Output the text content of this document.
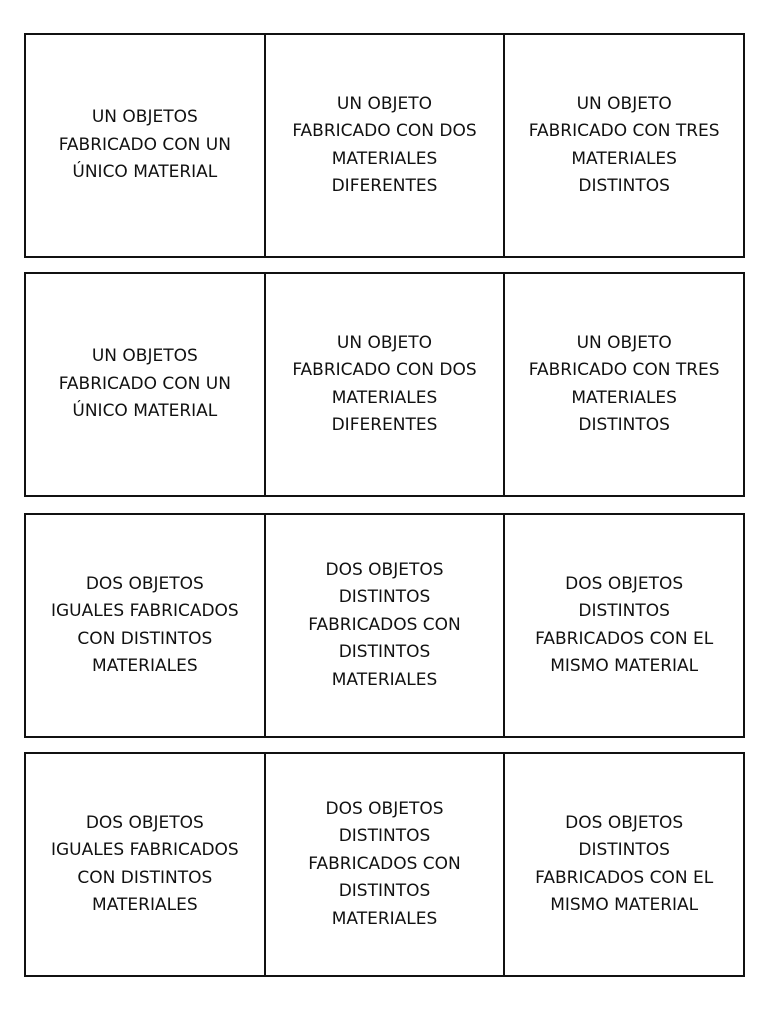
UN OBJETOS
FABRICADO CON UN
ÚNICO MATERIAL
UN OBJETO
FABRICADO CON DOS
MATERIALES
DIFERENTES
UN OBJETO
FABRICADO CON TRES
MATERIALES
DISTINTOS
UN OBJETOS
FABRICADO CON UN
ÚNICO MATERIAL
UN OBJETO
FABRICADO CON DOS
MATERIALES
DIFERENTES
UN OBJETO
FABRICADO CON TRES
MATERIALES
DISTINTOS
DOS OBJETOS
IGUALES FABRICADOS
CON DISTINTOS
MATERIALES
DOS OBJETOS
DISTINTOS
FABRICADOS CON
DISTINTOS
MATERIALES
DOS OBJETOS
DISTINTOS
FABRICADOS CON EL
MISMO MATERIAL
DOS OBJETOS
IGUALES FABRICADOS
CON DISTINTOS
MATERIALES
DOS OBJETOS
DISTINTOS
FABRICADOS CON
DISTINTOS
MATERIALES
DOS OBJETOS
DISTINTOS
FABRICADOS CON EL
MISMO MATERIAL
